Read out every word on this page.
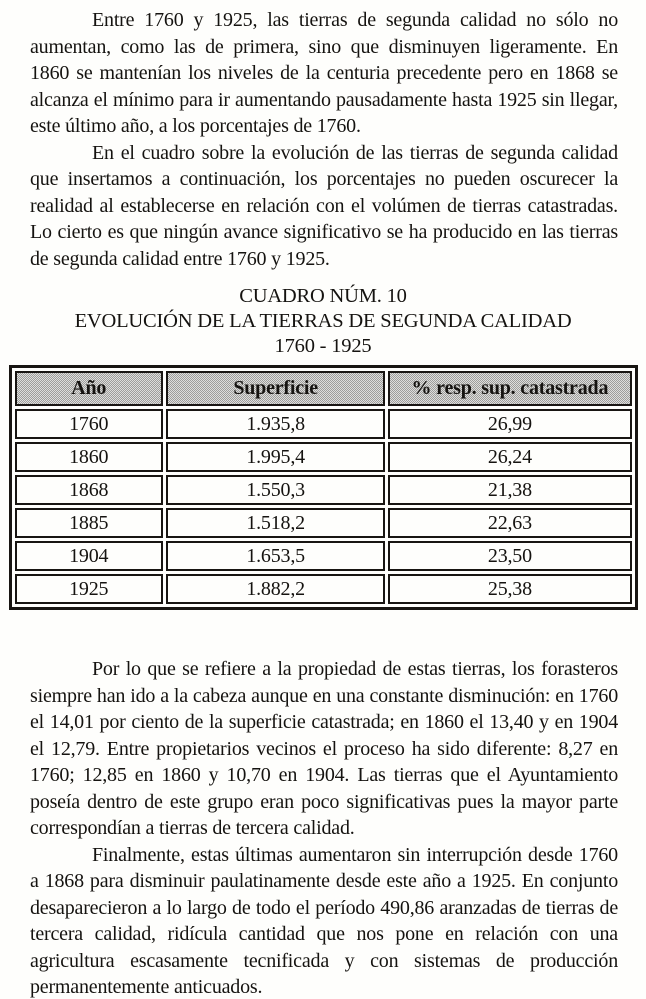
Entre 1760 y 1925, las tierras de segunda calidad no sólo no aumentan, como las de primera, sino que disminuyen ligeramente. En 1860 se mantenían los niveles de la centuria precedente pero en 1868 se alcanza el mínimo para ir aumentando pausadamente hasta 1925 sin llegar, este último año, a los porcentajes de 1760.

En el cuadro sobre la evolución de las tierras de segunda calidad que insertamos a continuación, los porcentajes no pueden oscurecer la realidad al establecerse en relación con el volúmen de tierras catastradas. Lo cierto es que ningún avance significativo se ha producido en las tierras de segunda calidad entre 1760 y 1925.

CUADRO NÚM. 10
EVOLUCIÓN DE LA TIERRAS DE SEGUNDA CALIDAD
1760 - 1925
Año	Superficie	% resp. sup. catastrada
1760	1.935,8	26,99
1860	1.995,4	26,24
1868	1.550,3	21,38
1885	1.518,2	22,63
1904	1.653,5	23,50
1925	1.882,2	25,38

Por lo que se refiere a la propiedad de estas tierras, los forasteros siempre han ido a la cabeza aunque en una constante disminución: en 1760 el 14,01 por ciento de la superficie catastrada; en 1860 el 13,40 y en 1904 el 12,79. Entre propietarios vecinos el proceso ha sido diferente: 8,27 en 1760; 12,85 en 1860 y 10,70 en 1904. Las tierras que el Ayuntamiento poseía dentro de este grupo eran poco significativas pues la mayor parte correspondían a tierras de tercera calidad.

Finalmente, estas últimas aumentaron sin interrupción desde 1760 a 1868 para disminuir paulatinamente desde este año a 1925. En conjunto desaparecieron a lo largo de todo el período 490,86 aranzadas de tierras de tercera calidad, ridícula cantidad que nos pone en relación con una agricultura escasamente tecnificada y con sistemas de producción permanentemente anticuados.
